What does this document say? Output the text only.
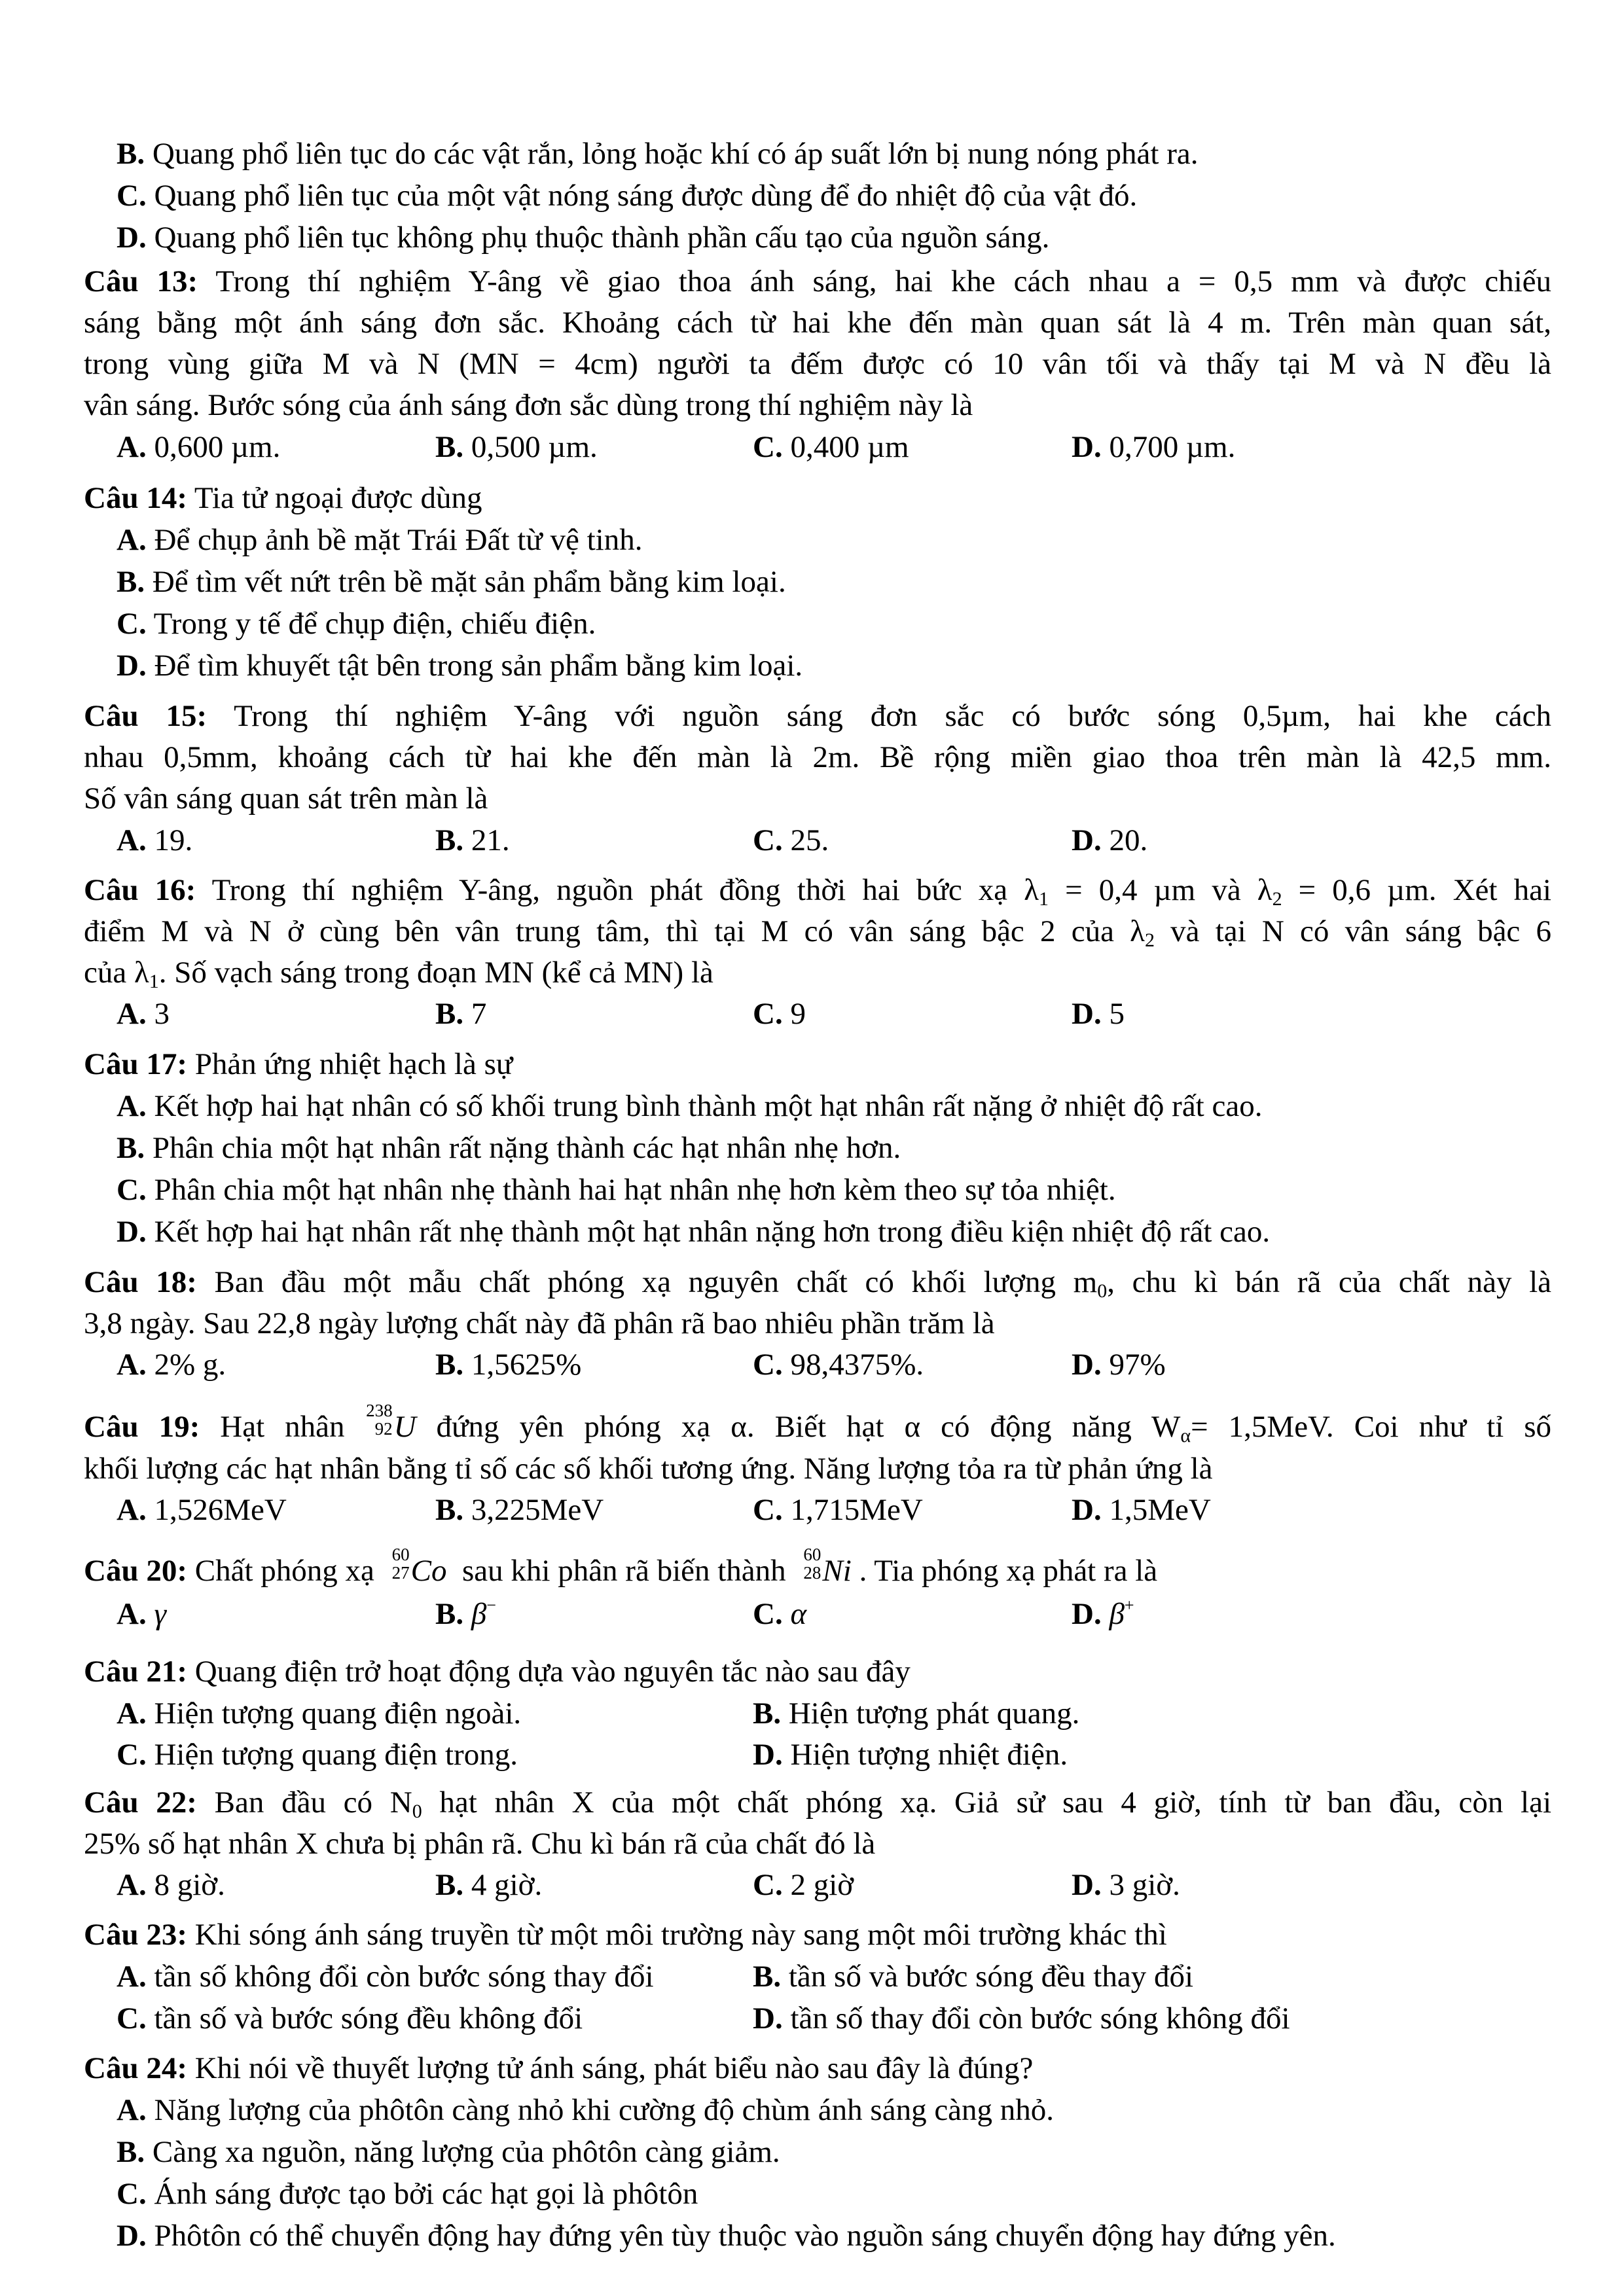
B. Quang phổ liên tục do các vật rắn, lỏng hoặc khí có áp suất lớn bị nung nóng phát ra.
C. Quang phổ liên tục của một vật nóng sáng được dùng để đo nhiệt độ của vật đó.
D. Quang phổ liên tục không phụ thuộc thành phần cấu tạo của nguồn sáng.
Câu 13: Trong thí nghiệm Y-âng về giao thoa ánh sáng, hai khe cách nhau a = 0,5 mm và được chiếu
sáng bằng một ánh sáng đơn sắc. Khoảng cách từ hai khe đến màn quan sát là 4 m. Trên màn quan sát,
trong vùng giữa M và N (MN = 4cm) người ta đếm được có 10 vân tối và thấy tại M và N đều là
vân sáng. Bước sóng của ánh sáng đơn sắc dùng trong thí nghiệm này là
A. 0,600 µm.	B. 0,500 µm.	C. 0,400 µm	D. 0,700 µm.
Câu 14: Tia tử ngoại được dùng
A. Để chụp ảnh bề mặt Trái Đất từ vệ tinh.
B. Để tìm vết nứt trên bề mặt sản phẩm bằng kim loại.
C. Trong y tế để chụp điện, chiếu điện.
D. Để tìm khuyết tật bên trong sản phẩm bằng kim loại.
Câu 15: Trong thí nghiệm Y-âng với nguồn sáng đơn sắc có bước sóng 0,5µm, hai khe cách
nhau 0,5mm, khoảng cách từ hai khe đến màn là 2m. Bề rộng miền giao thoa trên màn là 42,5 mm.
Số vân sáng quan sát trên màn là
A. 19.	B. 21.	C. 25.	D. 20.
Câu 16: Trong thí nghiệm Y-âng, nguồn phát đồng thời hai bức xạ $\lambda_1 = 0,4$ µm và $\lambda_2 = 0,6$ µm. Xét hai
điểm M và N ở cùng bên vân trung tâm, thì tại M có vân sáng bậc 2 của $\lambda_2$ và tại N có vân sáng bậc 6
của $\lambda_1$. Số vạch sáng trong đoạn MN (kể cả MN) là
A. 3	B. 7	C. 9	D. 5
Câu 17: Phản ứng nhiệt hạch là sự
A. Kết hợp hai hạt nhân có số khối trung bình thành một hạt nhân rất nặng ở nhiệt độ rất cao.
B. Phân chia một hạt nhân rất nặng thành các hạt nhân nhẹ hơn.
C. Phân chia một hạt nhân nhẹ thành hai hạt nhân nhẹ hơn kèm theo sự tỏa nhiệt.
D. Kết hợp hai hạt nhân rất nhẹ thành một hạt nhân nặng hơn trong điều kiện nhiệt độ rất cao.
Câu 18: Ban đầu một mẫu chất phóng xạ nguyên chất có khối lượng $m_0$, chu kì bán rã của chất này là
3,8 ngày. Sau 22,8 ngày lượng chất này đã phân rã bao nhiêu phần trăm là
A. 2% g.	B. 1,5625%	C. 98,4375%.	D. 97%
Câu 19: Hạt nhân 238
92 U đứng yên phóng xạ α. Biết hạt α có động năng $W_\alpha= 1,5MeV$. Coi như tỉ số
khối lượng các hạt nhân bằng tỉ số các số khối tương ứng. Năng lượng tỏa ra từ phản ứng là
A. 1,526MeV	B. 3,225MeV	C. 1,715MeV	D. 1,5MeV
Câu 20: Chất phóng xạ 60
27 Co sau khi phân rã biến thành 60
28 Ni . Tia phóng xạ phát ra là
A. γ	B. β−	C. α	D. β+
Câu 21: Quang điện trở hoạt động dựa vào nguyên tắc nào sau đây
A. Hiện tượng quang điện ngoài.	B. Hiện tượng phát quang.
C. Hiện tượng quang điện trong.	D. Hiện tượng nhiệt điện.
Câu 22: Ban đầu có $N_0$ hạt nhân X của một chất phóng xạ. Giả sử sau 4 giờ, tính từ ban đầu, còn lại
25% số hạt nhân X chưa bị phân rã. Chu kì bán rã của chất đó là
A. 8 giờ.	B. 4 giờ.	C. 2 giờ	D. 3 giờ.
Câu 23: Khi sóng ánh sáng truyền từ một môi trường này sang một môi trường khác thì
A. tần số không đổi còn bước sóng thay đổi	B. tần số và bước sóng đều thay đổi
C. tần số và bước sóng đều không đổi	D. tần số thay đổi còn bước sóng không đổi
Câu 24: Khi nói về thuyết lượng tử ánh sáng, phát biểu nào sau đây là đúng?
A. Năng lượng của phôtôn càng nhỏ khi cường độ chùm ánh sáng càng nhỏ.
B. Càng xa nguồn, năng lượng của phôtôn càng giảm.
C. Ánh sáng được tạo bởi các hạt gọi là phôtôn
D. Phôtôn có thể chuyển động hay đứng yên tùy thuộc vào nguồn sáng chuyển động hay đứng yên.
